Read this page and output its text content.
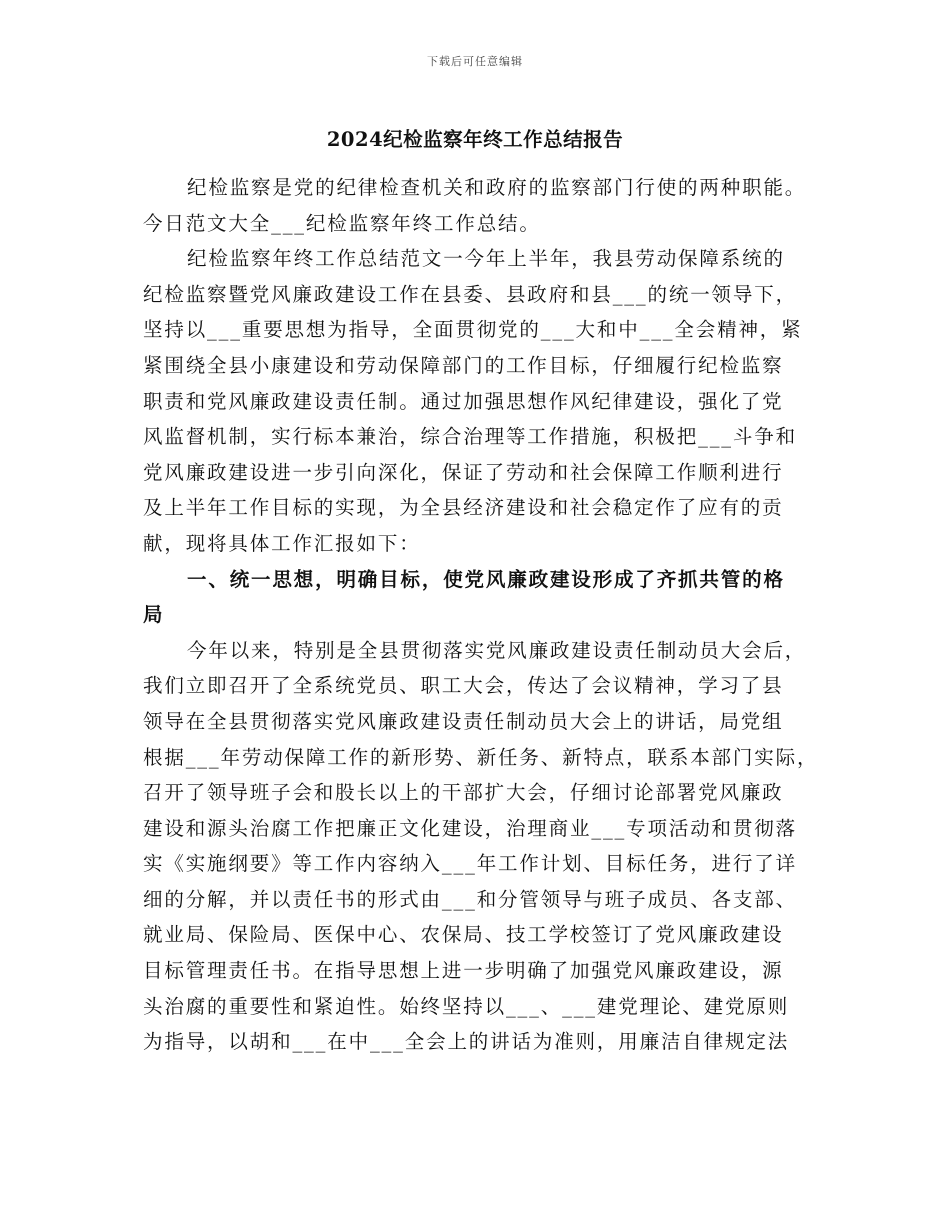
下载后可任意编辑
2024纪检监察年终工作总结报告
纪检监察是党的纪律检查机关和政府的监察部门行使的两种职能。
今日范文大全___纪检监察年终工作总结。
纪检监察年终工作总结范文一今年上半年，我县劳动保障系统的
纪检监察暨党风廉政建设工作在县委、县政府和县___的统一领导下，
坚持以___重要思想为指导，全面贯彻党的___大和中___全会精神，紧
紧围绕全县小康建设和劳动保障部门的工作目标，仔细履行纪检监察
职责和党风廉政建设责任制。通过加强思想作风纪律建设，强化了党
风监督机制，实行标本兼治，综合治理等工作措施，积极把___斗争和
党风廉政建设进一步引向深化，保证了劳动和社会保障工作顺利进行
及上半年工作目标的实现，为全县经济建设和社会稳定作了应有的贡
献，现将具体工作汇报如下：
一、统一思想，明确目标，使党风廉政建设形成了齐抓共管的格
局
今年以来，特别是全县贯彻落实党风廉政建设责任制动员大会后，
我们立即召开了全系统党员、职工大会，传达了会议精神，学习了县
领导在全县贯彻落实党风廉政建设责任制动员大会上的讲话，局党组
根据___年劳动保障工作的新形势、新任务、新特点，联系本部门实际，
召开了领导班子会和股长以上的干部扩大会，仔细讨论部署党风廉政
建设和源头治腐工作把廉正文化建设，治理商业___专项活动和贯彻落
实《实施纲要》等工作内容纳入___年工作计划、目标任务，进行了详
细的分解，并以责任书的形式由___和分管领导与班子成员、各支部、
就业局、保险局、医保中心、农保局、技工学校签订了党风廉政建设
目标管理责任书。在指导思想上进一步明确了加强党风廉政建设，源
头治腐的重要性和紧迫性。始终坚持以___、___建党理论、建党原则
为指导，以胡和___在中___全会上的讲话为准则，用廉洁自律规定法
